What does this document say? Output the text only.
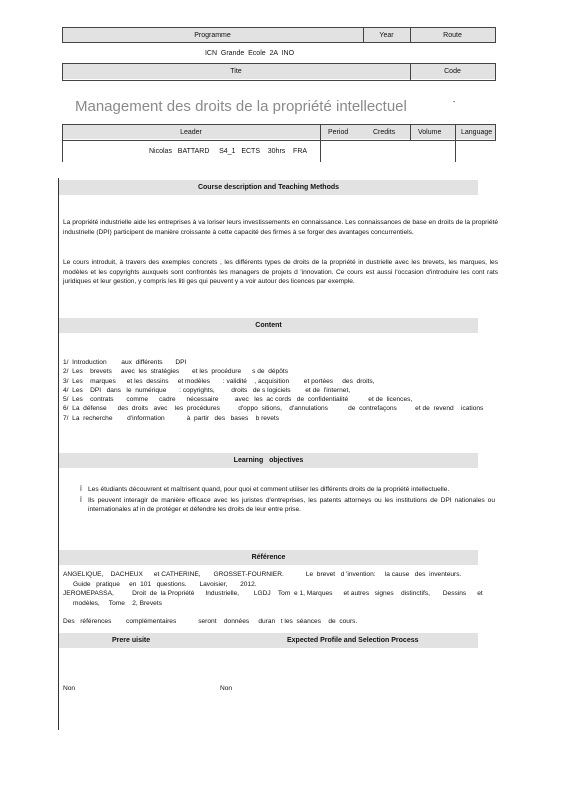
Programme	Year	Route
ICN  Grande  Ecole  2A  INO
Tite	Code
Management des droits de la propriété intellectuel	-
Leader	Period	Credits	Volume	Language
Nicolas   BATTARD     S4_1   ECTS    30hrs    FRA
Course description and Teaching Methods
La propriété industrielle aide les entreprises à va loriser leurs investissements en connaissance. Les connaissances de base en droits de la propriété industrielle (DPI) participent de manière croissante à cette capacité des firmes à se forger des avantages concurrentiels.
Le cours introduit, à travers des exemples concrets , les différents types de droits de la propriété in dustrielle avec les brevets, les marques, les modèles et les copyrights auxquels sont confrontés les managers de projets d 'innovation. Ce cours est aussi l'occasion d'introduire les cont rats juridiques et leur gestion, y compris les liti ges qui peuvent y a voir autour des licences par exemple.
Content
1/  Introduction        aux  différents       DPI
2/  Les    brevets     avec  les  stratégies       et les  procédure      s de  dépôts
3/  Les    marques      et les  dessins     et modèles       : validité    , acquisition        et portées     des  droits,
4/  Les    DPI   dans   le  numérique       : copyrights,         droits   de s logiciels        et de  l'internet,
5/  Les    contrats       comme      cadre      nécessaire         avec   les  ac cords   de  confidentialité           et de  licences,
6/  La  défense      des  droits   avec    les  procédures          d'oppo  sitions,    d'annulations           de  contrefaçons          et de  revend    ications
7/  La  recherche        d'information            à  partir   des   bases    b revets
Learning   objectives
Ï Les étudiants découvrent et maîtrisent quand, pour quoi et comment utiliser les différents droits de la propriété intellectuelle.
Ï Ils peuvent interagir de manière efficace avec les juristes d'entreprises, les patents attorneys ou les institutions de DPI nationales ou internationales af in de protéger et défendre les droits de leur entre prise.
Référence
ANGELIQUE,    DACHEUX      et CATHERINE,       GROSSET-FOURNIER.            Le  brevet   d 'invention:     la cause   des  inventeurs.
Guide   pratique     en  101   questions.       Lavoisier,       2012.
JEROMEPASSA,          Droit  de  la Propriété      Industrielle,        LGDJ    Tom  e 1, Marques      et autres   signes    distinctifs,       Dessins      et
modèles,     Tome    2, Brevets
Des   références        complémentaires            seront    données     duran   t les  séances    de  cours.
Prere uisite	Expected Profile and Selection Process
Non	Non
